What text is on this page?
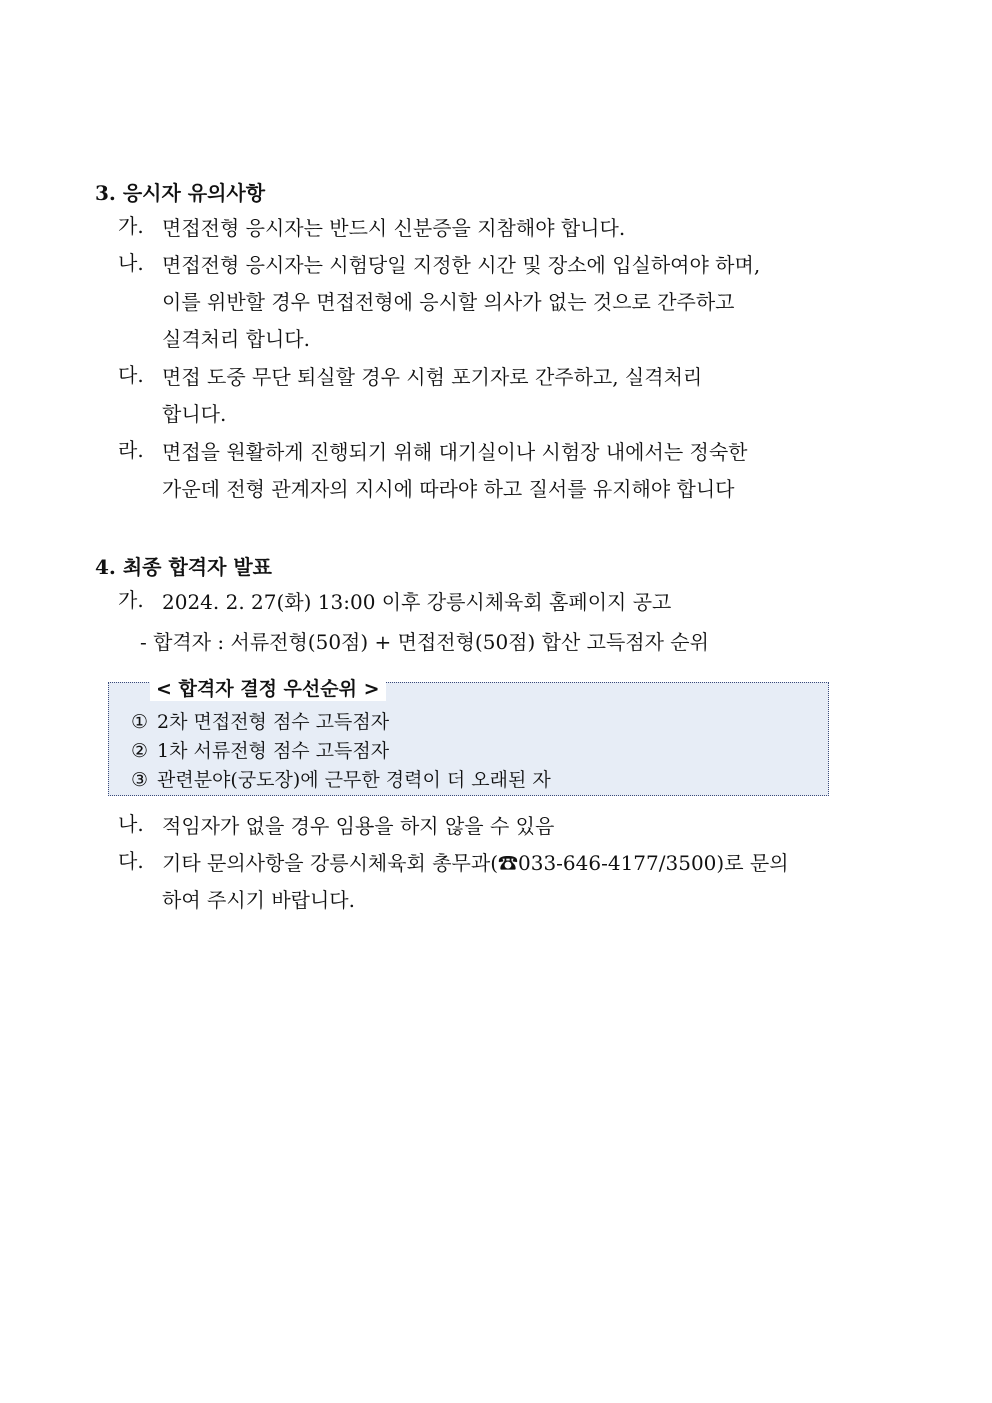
3. 응시자 유의사항
가. 면접전형 응시자는 반드시 신분증을 지참해야 합니다.
나. 면접전형 응시자는 시험당일 지정한 시간 및 장소에 입실하여야 하며,
이를 위반할 경우 면접전형에 응시할 의사가 없는 것으로 간주하고
실격처리 합니다.
다. 면접 도중 무단 퇴실할 경우 시험 포기자로 간주하고, 실격처리
합니다.
라. 면접을 원활하게 진행되기 위해 대기실이나 시험장 내에서는 정숙한
가운데 전형 관계자의 지시에 따라야 하고 질서를 유지해야 합니다
4. 최종 합격자 발표
가. 2024. 2. 27(화) 13:00 이후 강릉시체육회 홈페이지 공고
- 합격자 : 서류전형(50점) + 면접전형(50점) 합산 고득점자 순위
< 합격자 결정 우선순위 >
① 2차 면접전형 점수 고득점자
② 1차 서류전형 점수 고득점자
③ 관련분야(궁도장)에 근무한 경력이 더 오래된 자
나. 적임자가 없을 경우 임용을 하지 않을 수 있음
다. 기타 문의사항을 강릉시체육회 총무과(☎033-646-4177/3500)로 문의
하여 주시기 바랍니다.
